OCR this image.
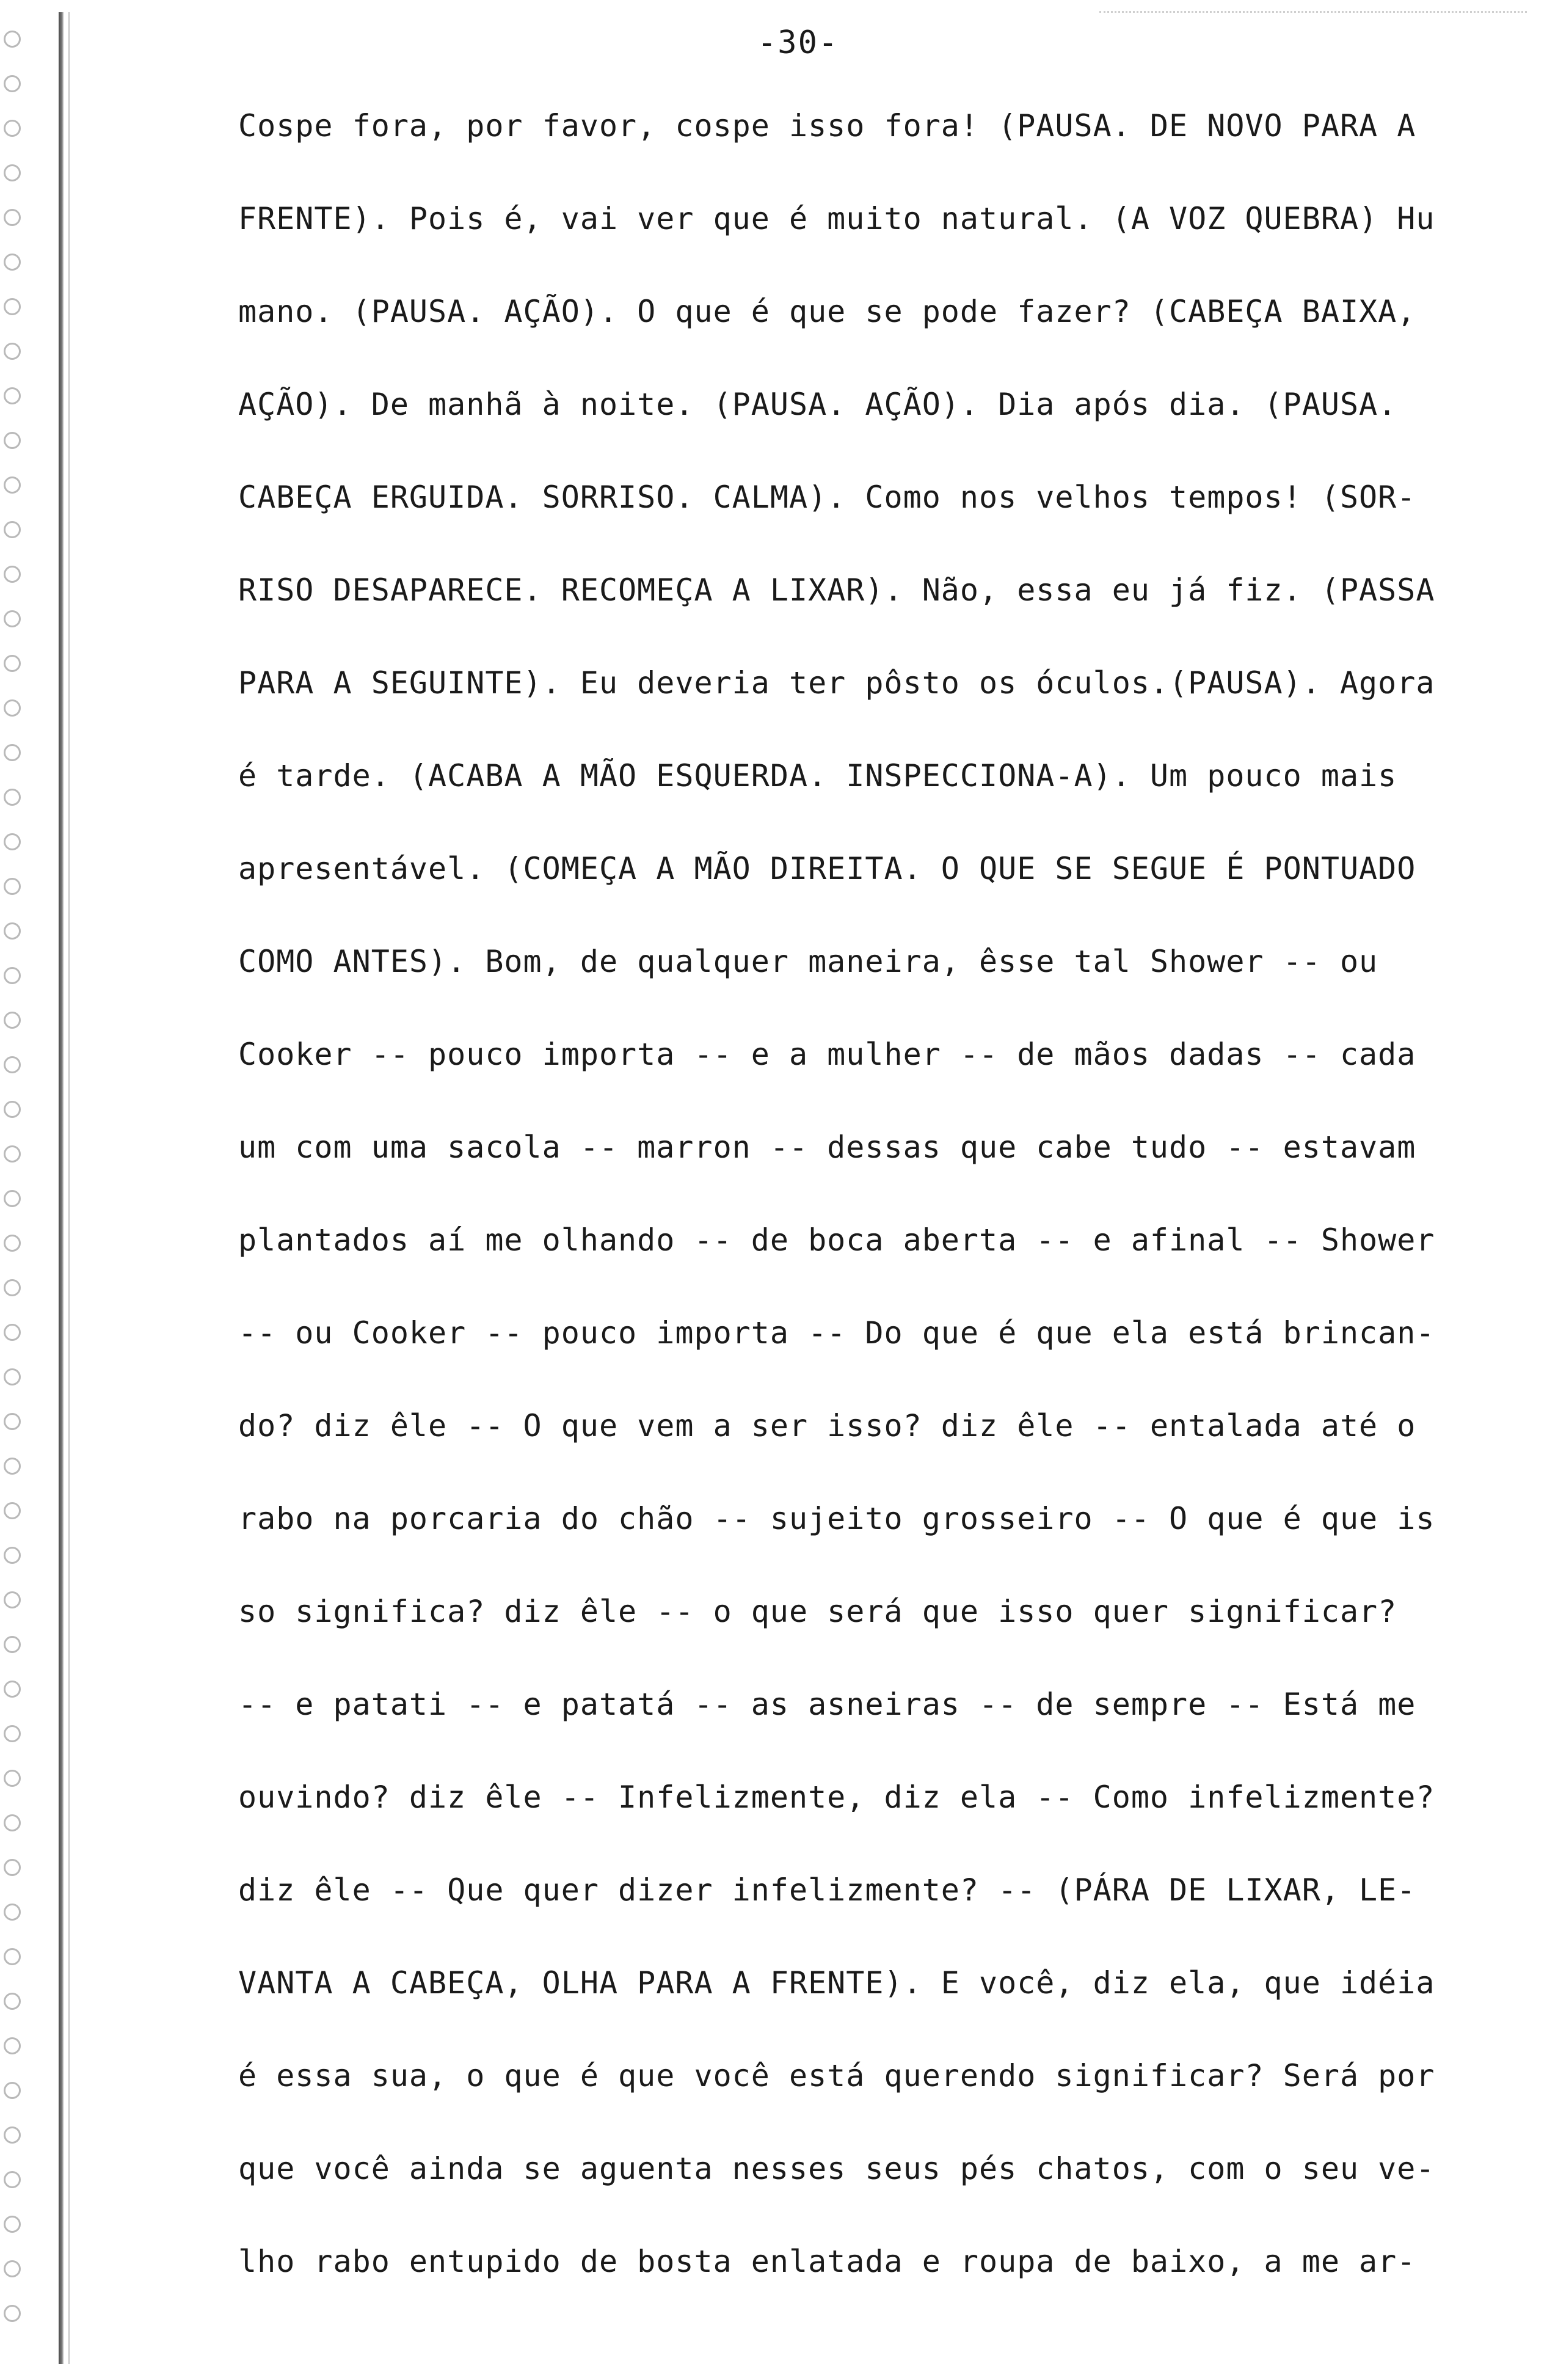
-30-
Cospe fora, por favor, cospe isso fora! (PAUSA. DE NOVO PARA A
FRENTE). Pois é, vai ver que é muito natural. (A VOZ QUEBRA) Hu
mano. (PAUSA. AÇÃO). O que é que se pode fazer? (CABEÇA BAIXA,
AÇÃO). De manhã à noite. (PAUSA. AÇÃO). Dia após dia. (PAUSA.
CABEÇA ERGUIDA. SORRISO. CALMA). Como nos velhos tempos! (SOR-
RISO DESAPARECE. RECOMEÇA A LIXAR). Não, essa eu já fiz. (PASSA
PARA A SEGUINTE). Eu deveria ter pôsto os óculos.(PAUSA). Agora
é tarde. (ACABA A MÃO ESQUERDA. INSPECCIONA-A). Um pouco mais
apresentável. (COMEÇA A MÃO DIREITA. O QUE SE SEGUE É PONTUADO
COMO ANTES). Bom, de qualquer maneira, êsse tal Shower -- ou
Cooker -- pouco importa -- e a mulher -- de mãos dadas -- cada
um com uma sacola -- marron -- dessas que cabe tudo -- estavam
plantados aí me olhando -- de boca aberta -- e afinal -- Shower
-- ou Cooker -- pouco importa -- Do que é que ela está brincan-
do? diz êle -- O que vem a ser isso? diz êle -- entalada até o
rabo na porcaria do chão -- sujeito grosseiro -- O que é que is
so significa? diz êle -- o que será que isso quer significar?
-- e patati -- e patatá -- as asneiras -- de sempre -- Está me
ouvindo? diz êle -- Infelizmente, diz ela -- Como infelizmente?
diz êle -- Que quer dizer infelizmente? -- (PÁRA DE LIXAR, LE-
VANTA A CABEÇA, OLHA PARA A FRENTE). E você, diz ela, que idéia
é essa sua, o que é que você está querendo significar? Será por
que você ainda se aguenta nesses seus pés chatos, com o seu ve-
lho rabo entupido de bosta enlatada e roupa de baixo, a me ar-
